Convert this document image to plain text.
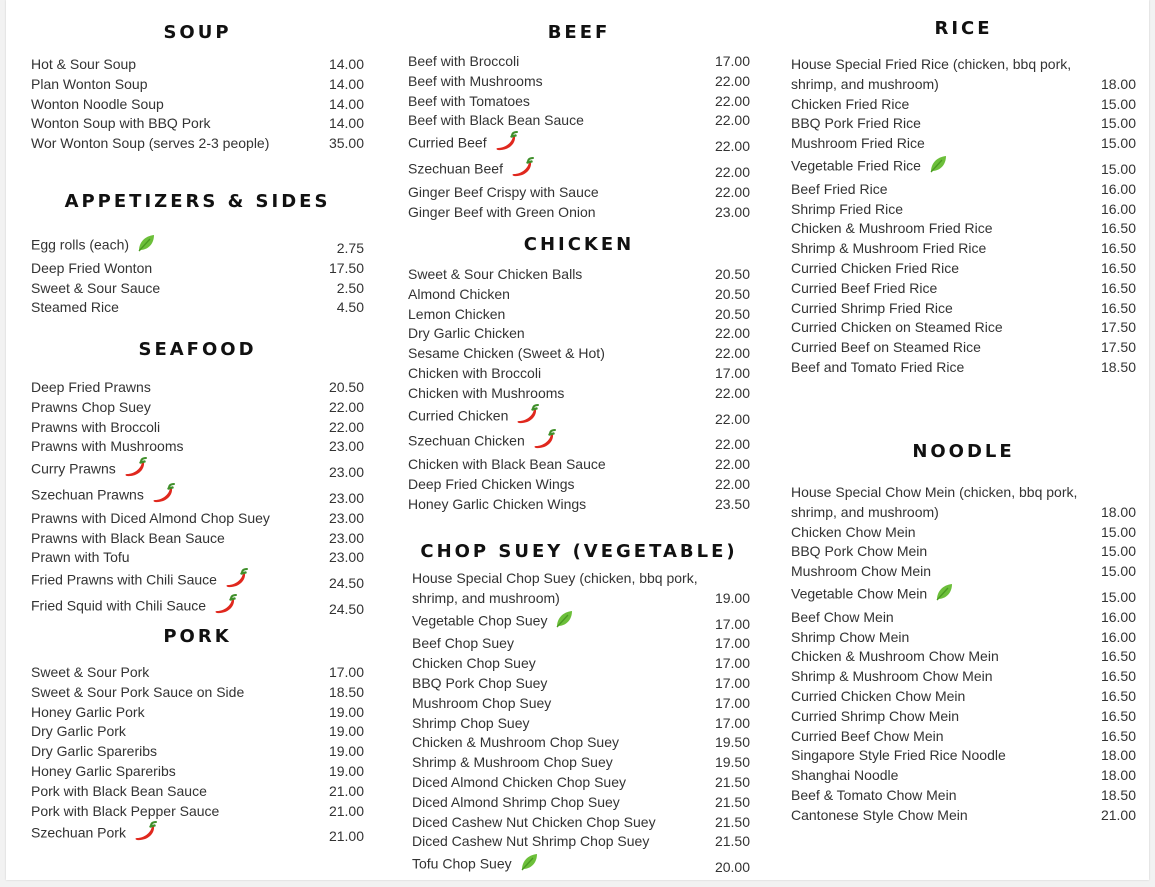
SOUP
Hot & Sour Soup	14.00
Plan Wonton Soup	14.00
Wonton Noodle Soup	14.00
Wonton Soup with BBQ Pork	14.00
Wor Wonton Soup (serves 2-3 people)	35.00
APPETIZERS & SIDES
Egg rolls (each)	2.75
Deep Fried Wonton	17.50
Sweet & Sour Sauce	2.50
Steamed Rice	4.50
SEAFOOD
Deep Fried Prawns	20.50
Prawns Chop Suey	22.00
Prawns with Broccoli	22.00
Prawns with Mushrooms	23.00
Curry Prawns	23.00
Szechuan Prawns	23.00
Prawns with Diced Almond Chop Suey	23.00
Prawns with Black Bean Sauce	23.00
Prawn with Tofu	23.00
Fried Prawns with Chili Sauce	24.50
Fried Squid with Chili Sauce	24.50
PORK
Sweet & Sour Pork	17.00
Sweet & Sour Pork Sauce on Side	18.50
Honey Garlic Pork	19.00
Dry Garlic Pork	19.00
Dry Garlic Spareribs	19.00
Honey Garlic Spareribs	19.00
Pork with Black Bean Sauce	21.00
Pork with Black Pepper Sauce	21.00
Szechuan Pork	21.00
BEEF
Beef with Broccoli	17.00
Beef with Mushrooms	22.00
Beef with Tomatoes	22.00
Beef with Black Bean Sauce	22.00
Curried Beef	22.00
Szechuan Beef	22.00
Ginger Beef Crispy with Sauce	22.00
Ginger Beef with Green Onion	23.00
CHICKEN
Sweet & Sour Chicken Balls	20.50
Almond Chicken	20.50
Lemon Chicken	20.50
Dry Garlic Chicken	22.00
Sesame Chicken (Sweet & Hot)	22.00
Chicken with Broccoli	17.00
Chicken with Mushrooms	22.00
Curried Chicken	22.00
Szechuan Chicken	22.00
Chicken with Black Bean Sauce	22.00
Deep Fried Chicken Wings	22.00
Honey Garlic Chicken Wings	23.50
CHOP SUEY (VEGETABLE)
House Special Chop Suey (chicken, bbq pork, shrimp, and mushroom)	19.00
Vegetable Chop Suey	17.00
Beef Chop Suey	17.00
Chicken Chop Suey	17.00
BBQ Pork Chop Suey	17.00
Mushroom Chop Suey	17.00
Shrimp Chop Suey	17.00
Chicken & Mushroom Chop Suey	19.50
Shrimp & Mushroom Chop Suey	19.50
Diced Almond Chicken Chop Suey	21.50
Diced Almond Shrimp Chop Suey	21.50
Diced Cashew Nut Chicken Chop Suey	21.50
Diced Cashew Nut Shrimp Chop Suey	21.50
Tofu Chop Suey	20.00
RICE
House Special Fried Rice (chicken, bbq pork, shrimp, and mushroom)	18.00
Chicken Fried Rice	15.00
BBQ Pork Fried Rice	15.00
Mushroom Fried Rice	15.00
Vegetable Fried Rice	15.00
Beef Fried Rice	16.00
Shrimp Fried Rice	16.00
Chicken & Mushroom Fried Rice	16.50
Shrimp & Mushroom Fried Rice	16.50
Curried Chicken Fried Rice	16.50
Curried Beef Fried Rice	16.50
Curried Shrimp Fried Rice	16.50
Curried Chicken on Steamed Rice	17.50
Curried Beef on Steamed Rice	17.50
Beef and Tomato Fried Rice	18.50
NOODLE
House Special Chow Mein (chicken, bbq pork, shrimp, and mushroom)	18.00
Chicken Chow Mein	15.00
BBQ Pork Chow Mein	15.00
Mushroom Chow Mein	15.00
Vegetable Chow Mein	15.00
Beef Chow Mein	16.00
Shrimp Chow Mein	16.00
Chicken & Mushroom Chow Mein	16.50
Shrimp & Mushroom Chow Mein	16.50
Curried Chicken Chow Mein	16.50
Curried Shrimp Chow Mein	16.50
Curried Beef Chow Mein	16.50
Singapore Style Fried Rice Noodle	18.00
Shanghai Noodle	18.00
Beef & Tomato Chow Mein	18.50
Cantonese Style Chow Mein	21.00
